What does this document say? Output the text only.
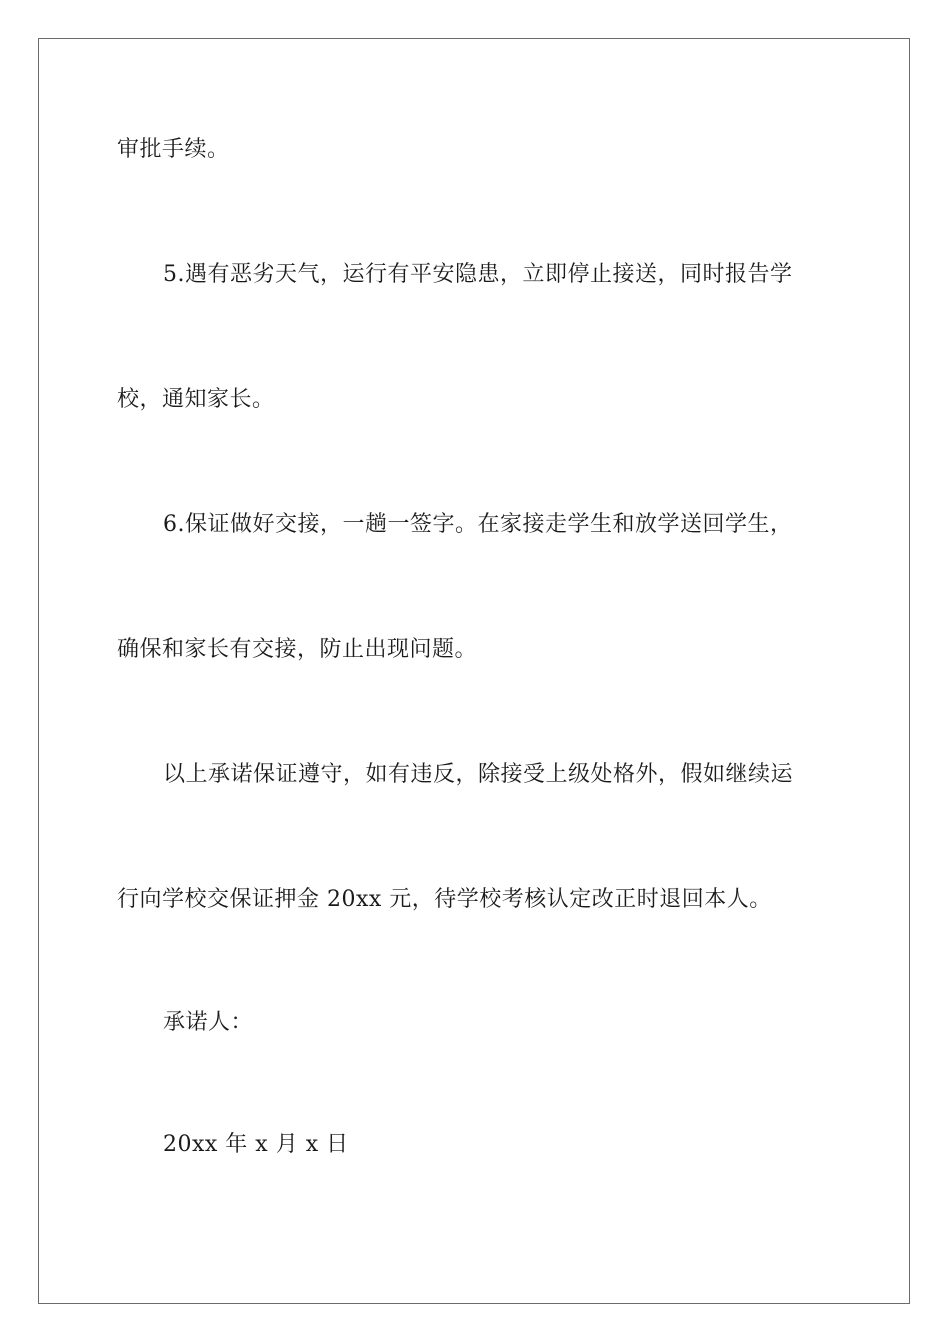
审批手续。
5.遇有恶劣天气，运行有平安隐患，立即停止接送，同时报告学
校，通知家长。
6.保证做好交接，一趟一签字。在家接走学生和放学送回学生，
确保和家长有交接，防止出现问题。
以上承诺保证遵守，如有违反，除接受上级处格外，假如继续运
行向学校交保证押金 20xx 元，待学校考核认定改正时退回本人。
承诺人：
20xx 年 x 月 x 日
